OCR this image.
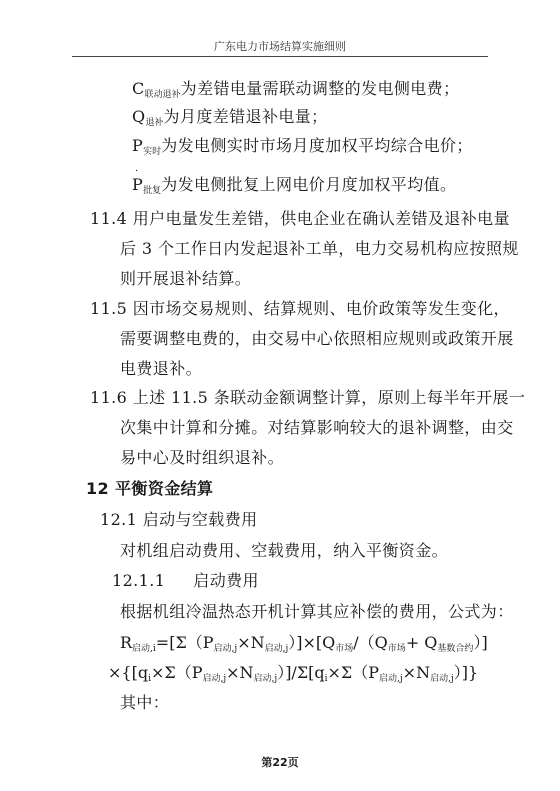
广东电力市场结算实施细则
C联动退补为差错电量需联动调整的发电侧电费；
Q退补为月度差错退补电量；
P实时为发电侧实时市场月度加权平均综合电价；
·
P批复为发电侧批复上网电价月度加权平均值。
11.4 用户电量发生差错，供电企业在确认差错及退补电量
后 3 个工作日内发起退补工单，电力交易机构应按照规
则开展退补结算。
11.5 因市场交易规则、结算规则、电价政策等发生变化，
需要调整电费的，由交易中心依照相应规则或政策开展
电费退补。
11.6 上述 11.5 条联动金额调整计算，原则上每半年开展一
次集中计算和分摊。对结算影响较大的退补调整，由交
易中心及时组织退补。
12 平衡资金结算
12.1 启动与空载费用
对机组启动费用、空载费用，纳入平衡资金。
12.1.1 启动费用
根据机组冷温热态开机计算其应补偿的费用，公式为：
R启动,i=[Σ（P启动,j×N启动,j）]×[Q市场/（Q市场+ Q基数合约）]
×{[qi×Σ（P启动,j×N启动,j）]/Σ[qi×Σ（P启动,j×N启动,j）]}
其中：
第22页
